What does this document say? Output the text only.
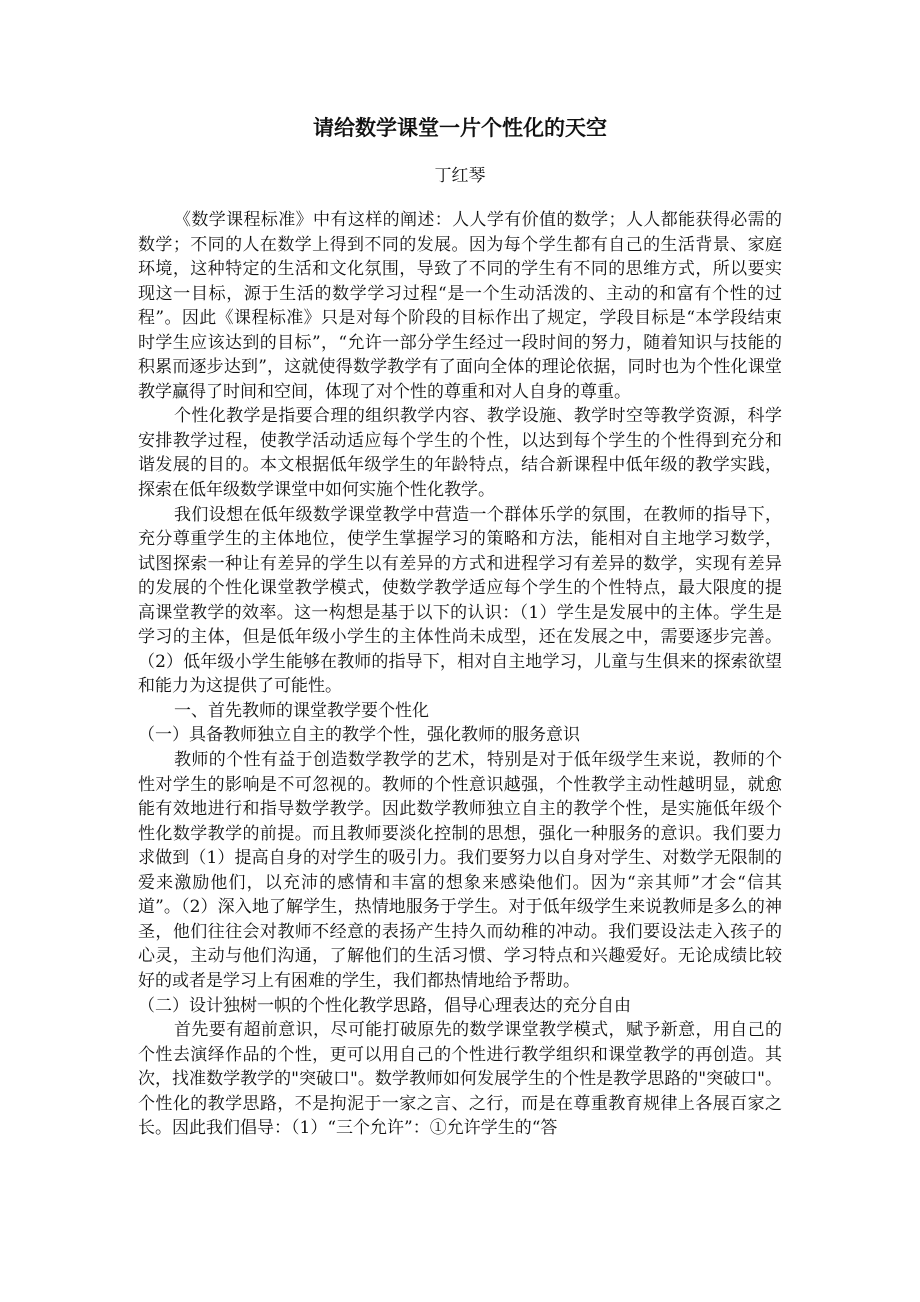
请给数学课堂一片个性化的天空

丁红琴

《数学课程标准》中有这样的阐述：人人学有价值的数学；人人都能获得必需的数学；不同的人在数学上得到不同的发展。因为每个学生都有自己的生活背景、家庭环境，这种特定的生活和文化氛围，导致了不同的学生有不同的思维方式，所以要实现这一目标，源于生活的数学学习过程“是一个生动活泼的、主动的和富有个性的过程”。因此《课程标准》只是对每个阶段的目标作出了规定，学段目标是“本学段结束时学生应该达到的目标”，“允许一部分学生经过一段时间的努力，随着知识与技能的积累而逐步达到”，这就使得数学教学有了面向全体的理论依据，同时也为个性化课堂教学赢得了时间和空间，体现了对个性的尊重和对人自身的尊重。

个性化教学是指要合理的组织教学内容、教学设施、教学时空等教学资源，科学安排教学过程，使教学活动适应每个学生的个性，以达到每个学生的个性得到充分和谐发展的目的。本文根据低年级学生的年龄特点，结合新课程中低年级的教学实践，探索在低年级数学课堂中如何实施个性化教学。

我们设想在低年级数学课堂教学中营造一个群体乐学的氛围，在教师的指导下，充分尊重学生的主体地位，使学生掌握学习的策略和方法，能相对自主地学习数学，试图探索一种让有差异的学生以有差异的方式和进程学习有差异的数学，实现有差异的发展的个性化课堂教学模式，使数学教学适应每个学生的个性特点，最大限度的提高课堂教学的效率。这一构想是基于以下的认识：（1）学生是发展中的主体。学生是学习的主体，但是低年级小学生的主体性尚未成型，还在发展之中，需要逐步完善。（2）低年级小学生能够在教师的指导下，相对自主地学习，儿童与生俱来的探索欲望和能力为这提供了可能性。

一、首先教师的课堂教学要个性化

（一）具备教师独立自主的教学个性，强化教师的服务意识

教师的个性有益于创造数学教学的艺术，特别是对于低年级学生来说，教师的个性对学生的影响是不可忽视的。教师的个性意识越强，个性教学主动性越明显，就愈能有效地进行和指导数学教学。因此数学教师独立自主的教学个性，是实施低年级个性化数学教学的前提。而且教师要淡化控制的思想，强化一种服务的意识。我们要力求做到（1）提高自身的对学生的吸引力。我们要努力以自身对学生、对数学无限制的爱来激励他们，以充沛的感情和丰富的想象来感染他们。因为“亲其师”才会“信其道”。（2）深入地了解学生，热情地服务于学生。对于低年级学生来说教师是多么的神圣，他们往往会对教师不经意的表扬产生持久而幼稚的冲动。我们要设法走入孩子的心灵，主动与他们沟通，了解他们的生活习惯、学习特点和兴趣爱好。无论成绩比较好的或者是学习上有困难的学生，我们都热情地给予帮助。

（二）设计独树一帜的个性化教学思路，倡导心理表达的充分自由

首先要有超前意识，尽可能打破原先的数学课堂教学模式，赋予新意，用自己的个性去演绎作品的个性，更可以用自己的个性进行教学组织和课堂教学的再创造。其次，找准数学教学的"突破口"。数学教师如何发展学生的个性是教学思路的"突破口"。个性化的教学思路，不是拘泥于一家之言、之行，而是在尊重教育规律上各展百家之长。因此我们倡导：（1）“三个允许”：①允许学生的“答
